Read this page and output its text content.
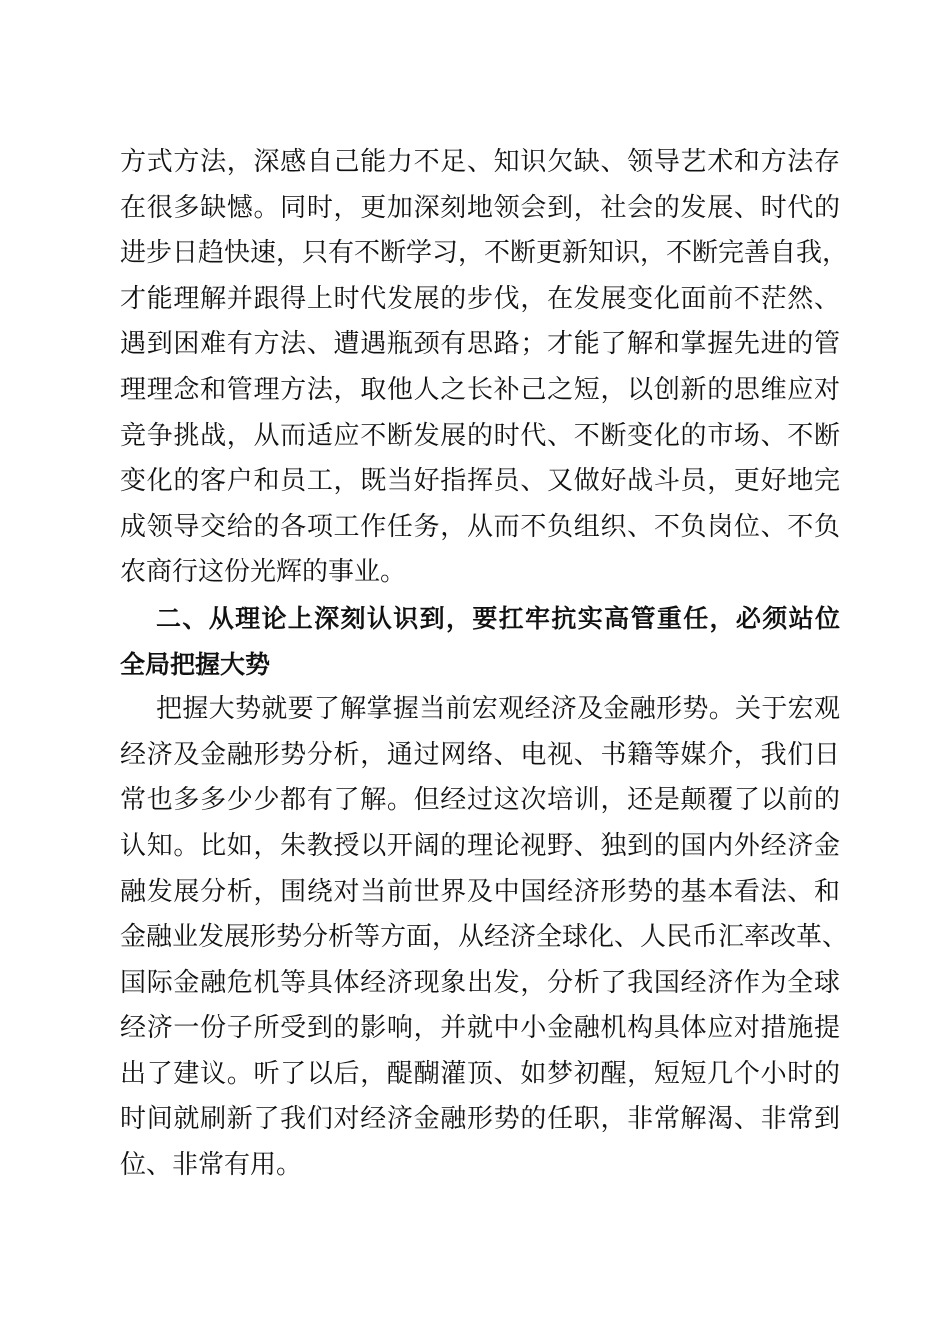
方式方法，深感自己能力不足、知识欠缺、领导艺术和方法存
在很多缺憾。同时，更加深刻地领会到，社会的发展、时代的
进步日趋快速，只有不断学习，不断更新知识，不断完善自我，
才能理解并跟得上时代发展的步伐，在发展变化面前不茫然、
遇到困难有方法、遭遇瓶颈有思路；才能了解和掌握先进的管
理理念和管理方法，取他人之长补己之短，以创新的思维应对
竞争挑战，从而适应不断发展的时代、不断变化的市场、不断
变化的客户和员工，既当好指挥员、又做好战斗员，更好地完
成领导交给的各项工作任务，从而不负组织、不负岗位、不负
农商行这份光辉的事业。
二、从理论上深刻认识到，要扛牢抗实高管重任，必须站位
全局把握大势
把握大势就要了解掌握当前宏观经济及金融形势。关于宏观
经济及金融形势分析，通过网络、电视、书籍等媒介，我们日
常也多多少少都有了解。但经过这次培训，还是颠覆了以前的
认知。比如，朱教授以开阔的理论视野、独到的国内外经济金
融发展分析，围绕对当前世界及中国经济形势的基本看法、和
金融业发展形势分析等方面，从经济全球化、人民币汇率改革、
国际金融危机等具体经济现象出发，分析了我国经济作为全球
经济一份子所受到的影响，并就中小金融机构具体应对措施提
出了建议。听了以后，醍醐灌顶、如梦初醒，短短几个小时的
时间就刷新了我们对经济金融形势的任职，非常解渴、非常到
位、非常有用。
